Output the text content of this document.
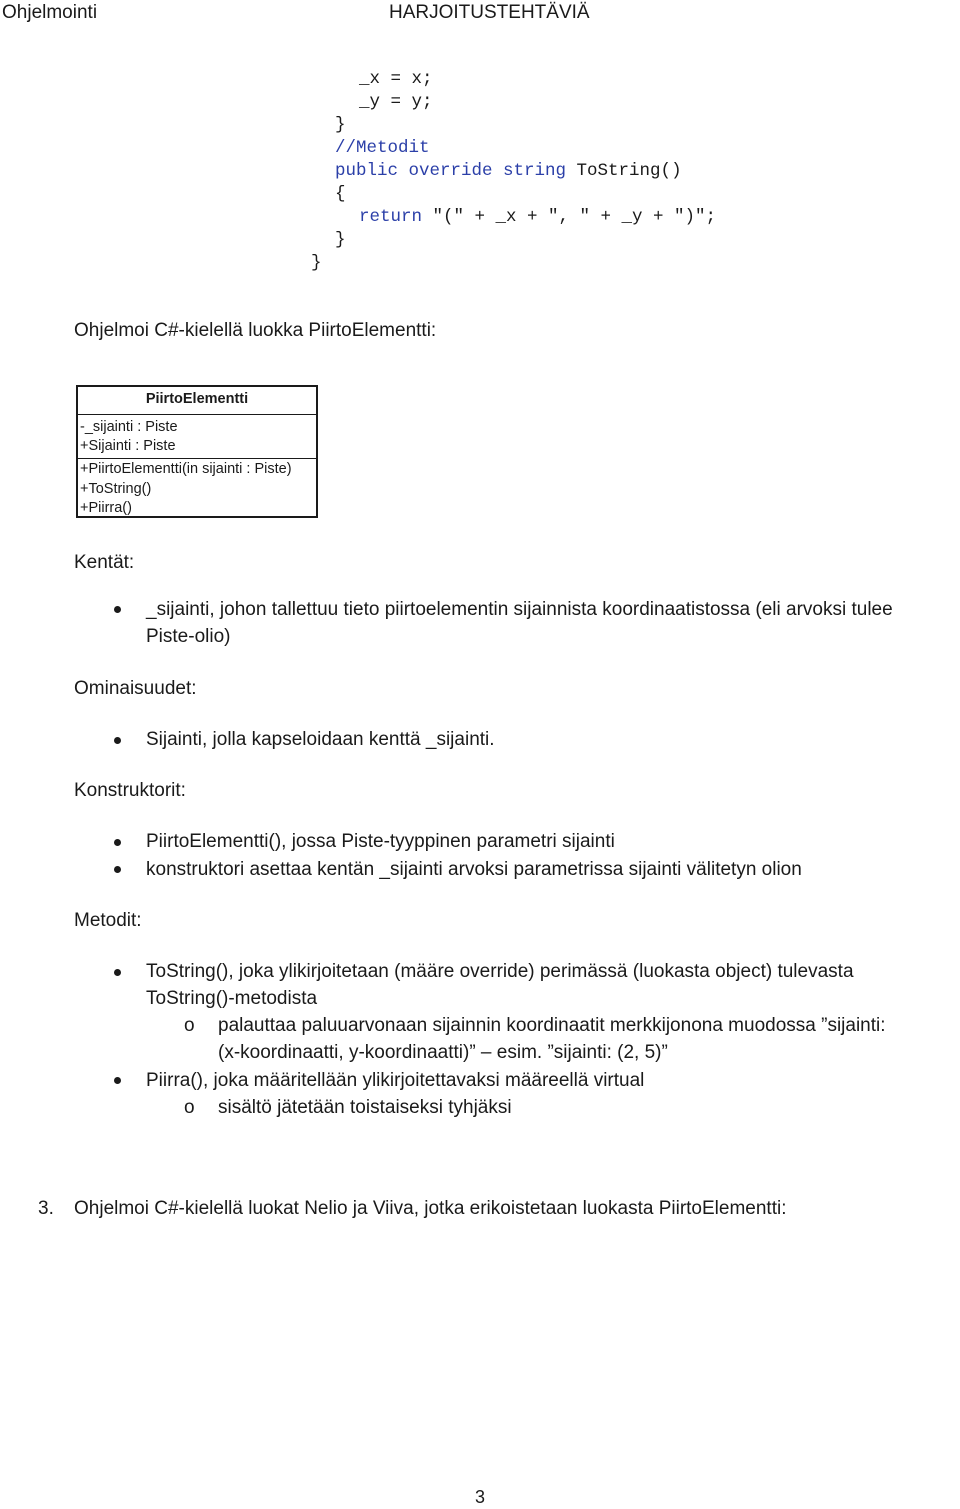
Ohjelmointi	HARJOITUSTEHTÄVIÄ

_x = x;

_y = y;

}

//Metodit

public override string ToString()

{

return "(" + _x + ", " + _y + ")";

}

}

Ohjelmoi C#-kielellä luokka PiirtoElementti:
PiirtoElementti
-_sijainti : Piste
+Sijainti : Piste
+PiirtoElementti(in sijainti : Piste)
+ToString()
+Piirra()
Kentät:
_sijainti, johon tallettuu tieto piirtoelementin sijainnista koordinaatistossa (eli arvoksi tulee
Piste-olio)
Ominaisuudet:
Sijainti, jolla kapseloidaan kenttä _sijainti.
Konstruktorit:
PiirtoElementti(), jossa Piste-tyyppinen parametri sijainti
konstruktori asettaa kentän _sijainti arvoksi parametrissa sijainti välitetyn olion
Metodit:
ToString(), joka ylikirjoitetaan (määre override) perimässä (luokasta object) tulevasta
ToString()-metodista
o palauttaa paluuarvonaan sijainnin koordinaatit merkkijonona muodossa ”sijainti:
(x-koordinaatti, y-koordinaatti)” – esim. ”sijainti: (2, 5)”
Piirra(), joka määritellään ylikirjoitettavaksi määreellä virtual
o sisältö jätetään toistaiseksi tyhjäksi
3. Ohjelmoi C#-kielellä luokat Nelio ja Viiva, jotka erikoistetaan luokasta PiirtoElementti:
3
